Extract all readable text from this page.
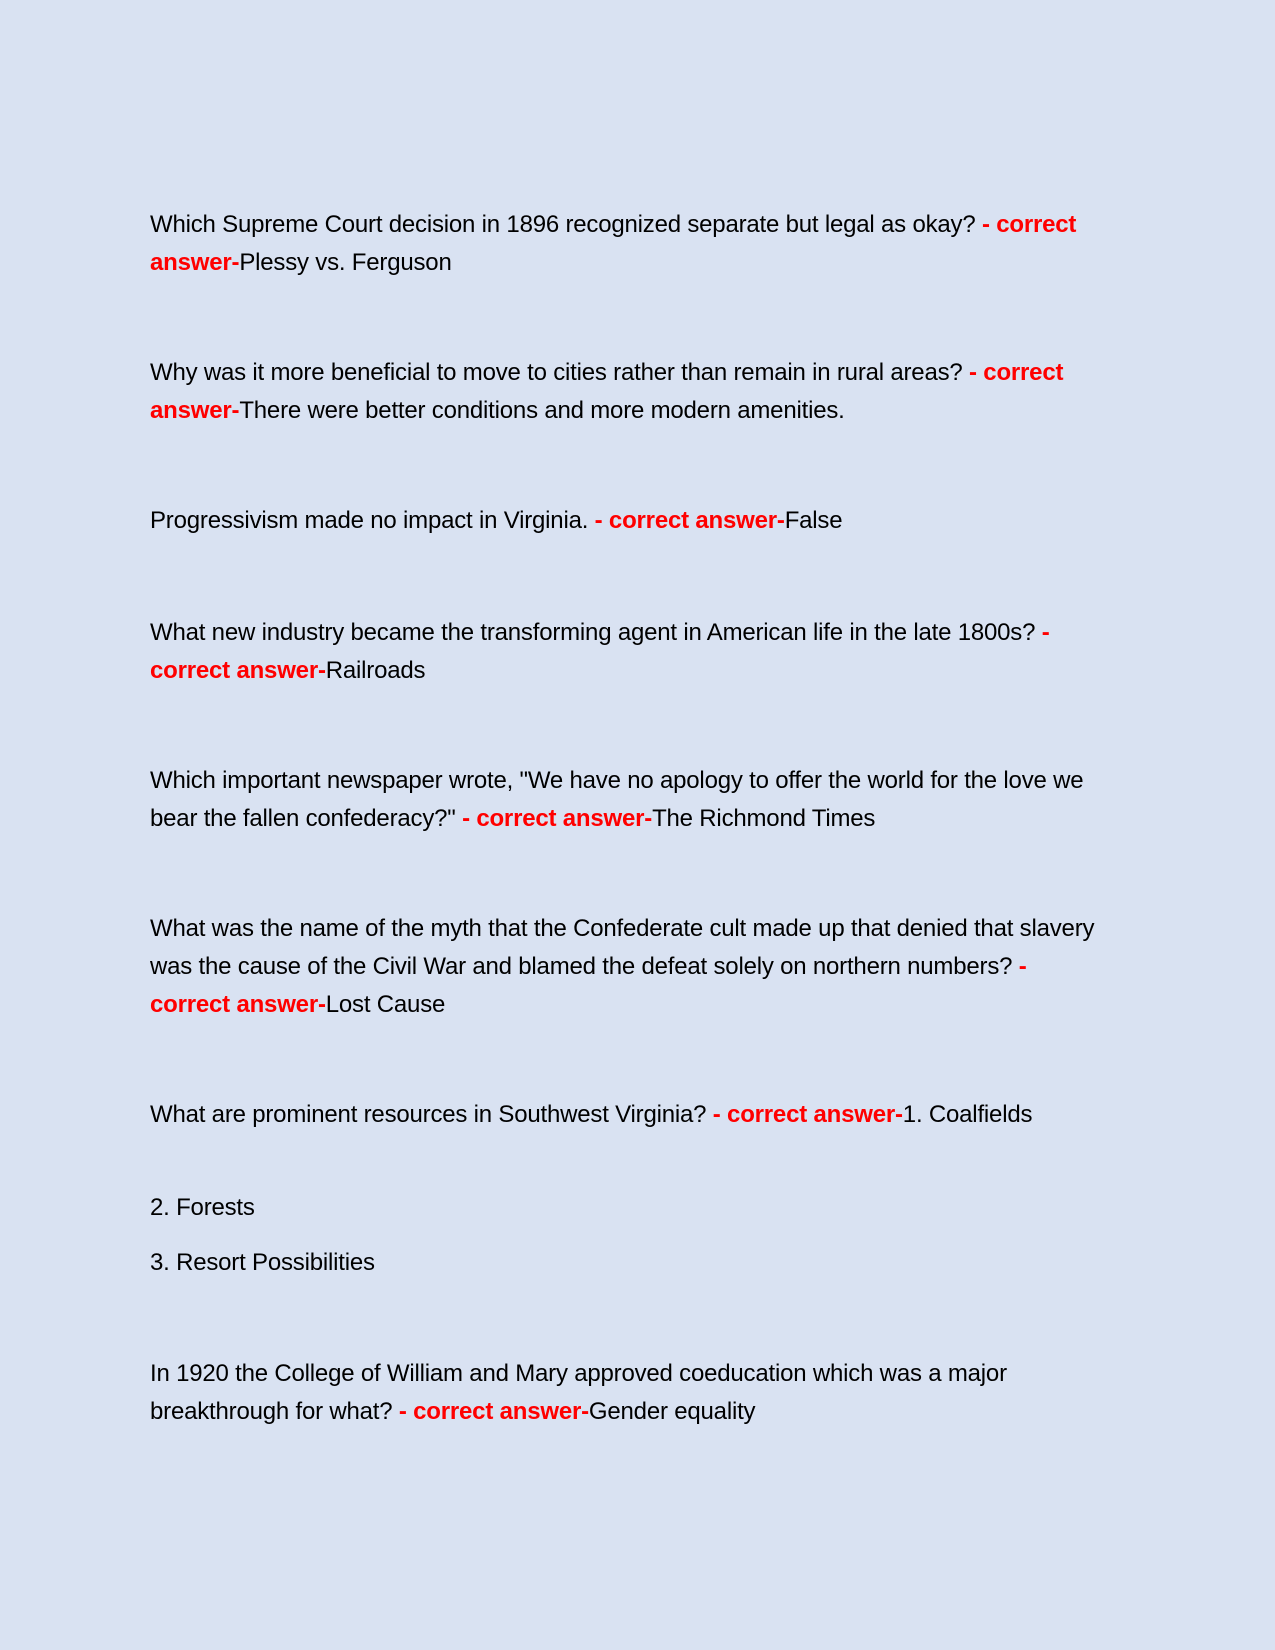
Which Supreme Court decision in 1896 recognized separate but legal as okay? - correct answer-Plessy vs. Ferguson
Why was it more beneficial to move to cities rather than remain in rural areas? - correct answer-There were better conditions and more modern amenities.
Progressivism made no impact in Virginia. - correct answer-False
What new industry became the transforming agent in American life in the late 1800s? - correct answer-Railroads
Which important newspaper wrote, "We have no apology to offer the world for the love we bear the fallen confederacy?" - correct answer-The Richmond Times
What was the name of the myth that the Confederate cult made up that denied that slavery was the cause of the Civil War and blamed the defeat solely on northern numbers? - correct answer-Lost Cause
What are prominent resources in Southwest Virginia? - correct answer-1. Coalfields
2. Forests
3. Resort Possibilities
In 1920 the College of William and Mary approved coeducation which was a major breakthrough for what? - correct answer-Gender equality
